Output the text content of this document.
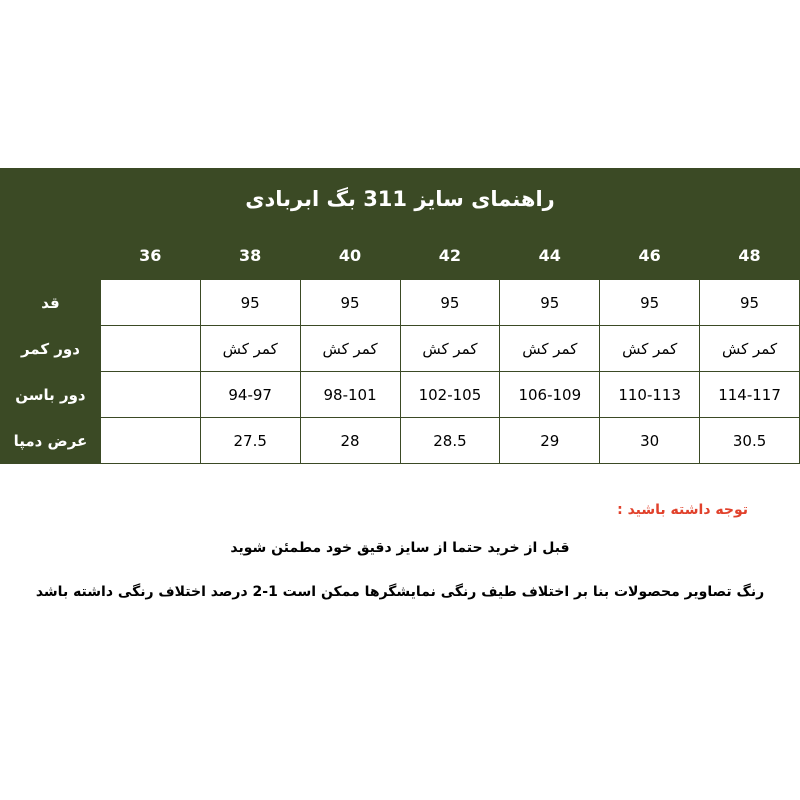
راهنمای سایز 311 بگ ابربادی
48	46	44	42	40	38	36	
95	95	95	95	95	95		قد
کمر کش	کمر کش	کمر کش	کمر کش	کمر کش	کمر کش		دور کمر
114-117	110-113	106-109	102-105	98-101	94-97		دور باسن
30.5	30	29	28.5	28	27.5		عرض دمپا
توجه داشته باشید :
قبل از خرید حتما از سایز دقیق خود مطمئن شوید
رنگ تصاویر محصولات بنا بر اختلاف طیف رنگی نمایشگرها ممکن است 1-2 درصد اختلاف رنگی داشته باشد
